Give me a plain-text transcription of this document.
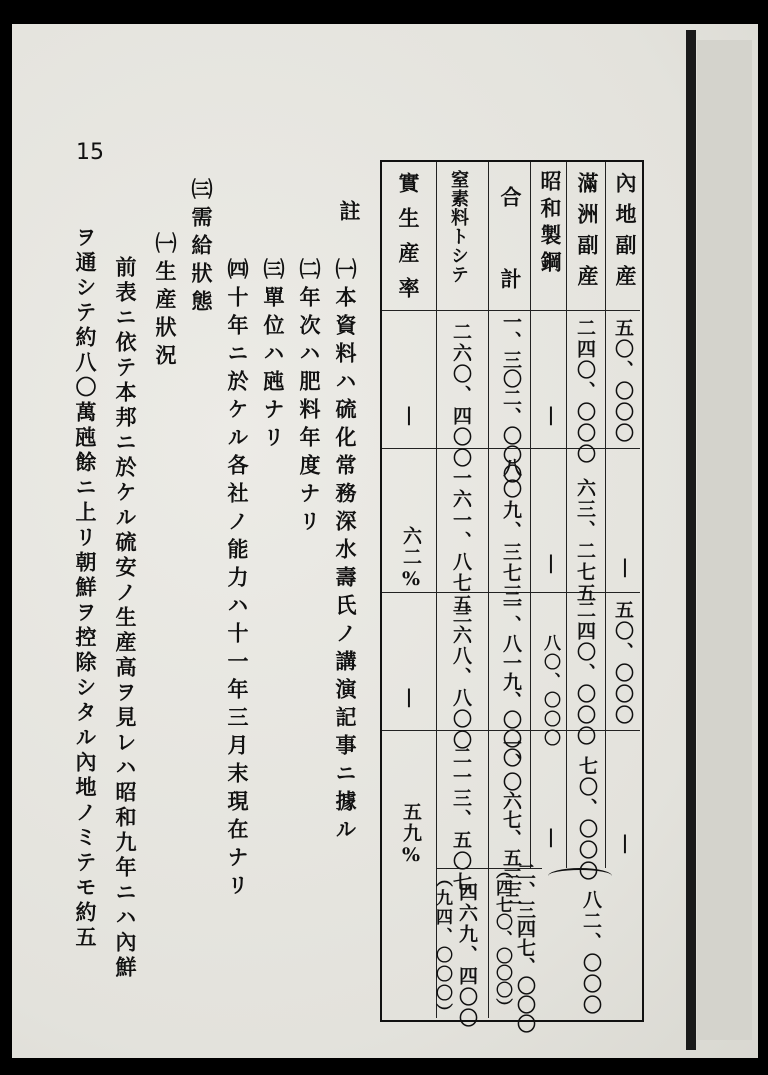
15
內地副産
滿洲副産
昭和製鋼
合　計
窒素料トシテ
實生産率
五〇、〇〇〇
二四〇、〇〇〇
|
一、三〇二、〇〇〇
二六〇、四〇〇
|
|
六三、二七五
|
八〇九、三七三
一六一、八七五
六二%
五〇、〇〇〇
二四〇、〇〇〇
八〇、〇〇〇
一、八一九、〇〇〇
三六八、八〇〇
|
|
七〇、〇〇〇
|
一、〇六七、五三三
二一三、五〇七
五九%
八二、〇〇〇
二、三四七、〇〇〇
（四七〇、〇〇〇）
四六九、四〇〇
（九四、〇〇〇）
註
㈠本資料ハ硫化常務深水壽氏ノ講演記事ニ據ル
㈡年次ハ肥料年度ナリ
㈢單位ハ瓲ナリ
㈣十年ニ於ケル各社ノ能力ハ十一年三月末現在ナリ
㈢需給狀態
㈠生産狀況
前表ニ依テ本邦ニ於ケル硫安ノ生産高ヲ見レハ昭和九年ニハ內鮮
ヲ通シテ約八〇萬瓲餘ニ上リ朝鮮ヲ控除シタル內地ノミテモ約五
